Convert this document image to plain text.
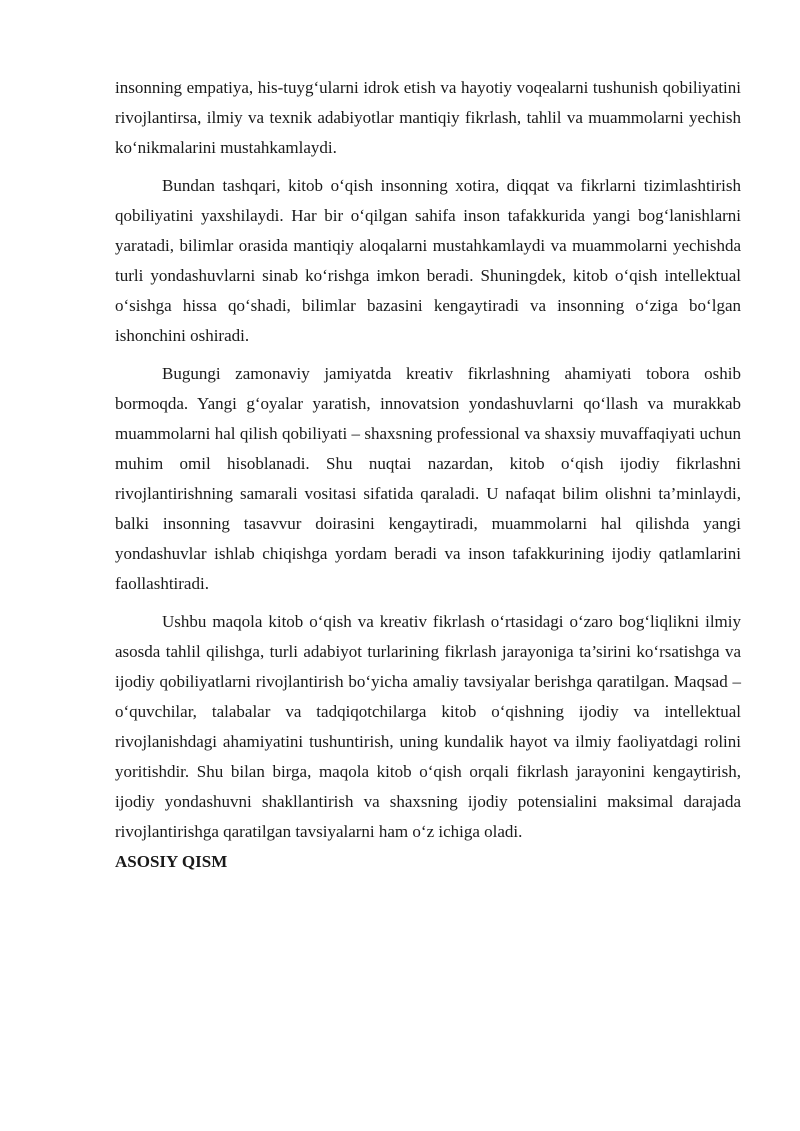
insonning empatiya, his-tuyg‘ularni idrok etish va hayotiy voqealarni tushunish qobiliyatini rivojlantirsa, ilmiy va texnik adabiyotlar mantiqiy fikrlash, tahlil va muammolarni yechish ko‘nikmalarini mustahkamlaydi.

Bundan tashqari, kitob o‘qish insonning xotira, diqqat va fikrlarni tizimlashtirish qobiliyatini yaxshilaydi. Har bir o‘qilgan sahifa inson tafakkurida yangi bog‘lanishlarni yaratadi, bilimlar orasida mantiqiy aloqalarni mustahkamlaydi va muammolarni yechishda turli yondashuvlarni sinab ko‘rishga imkon beradi. Shuningdek, kitob o‘qish intellektual o‘sishga hissa qo‘shadi, bilimlar bazasini kengaytiradi va insonning o‘ziga bo‘lgan ishonchini oshiradi.

Bugungi zamonaviy jamiyatda kreativ fikrlashning ahamiyati tobora oshib bormoqda. Yangi g‘oyalar yaratish, innovatsion yondashuvlarni qo‘llash va murakkab muammolarni hal qilish qobiliyati – shaxsning professional va shaxsiy muvaffaqiyati uchun muhim omil hisoblanadi. Shu nuqtai nazardan, kitob o‘qish ijodiy fikrlashni rivojlantirishning samarali vositasi sifatida qaraladi. U nafaqat bilim olishni ta’minlaydi, balki insonning tasavvur doirasini kengaytiradi, muammolarni hal qilishda yangi yondashuvlar ishlab chiqishga yordam beradi va inson tafakkurining ijodiy qatlamlarini faollashtiradi.

Ushbu maqola kitob o‘qish va kreativ fikrlash o‘rtasidagi o‘zaro bog‘liqlikni ilmiy asosda tahlil qilishga, turli adabiyot turlarining fikrlash jarayoniga ta’sirini ko‘rsatishga va ijodiy qobiliyatlarni rivojlantirish bo‘yicha amaliy tavsiyalar berishga qaratilgan. Maqsad – o‘quvchilar, talabalar va tadqiqotchilarga kitob o‘qishning ijodiy va intellektual rivojlanishdagi ahamiyatini tushuntirish, uning kundalik hayot va ilmiy faoliyatdagi rolini yoritishdir. Shu bilan birga, maqola kitob o‘qish orqali fikrlash jarayonini kengaytirish, ijodiy yondashuvni shakllantirish va shaxsning ijodiy potensialini maksimal darajada rivojlantirishga qaratilgan tavsiyalarni ham o‘z ichiga oladi.

ASOSIY QISM
